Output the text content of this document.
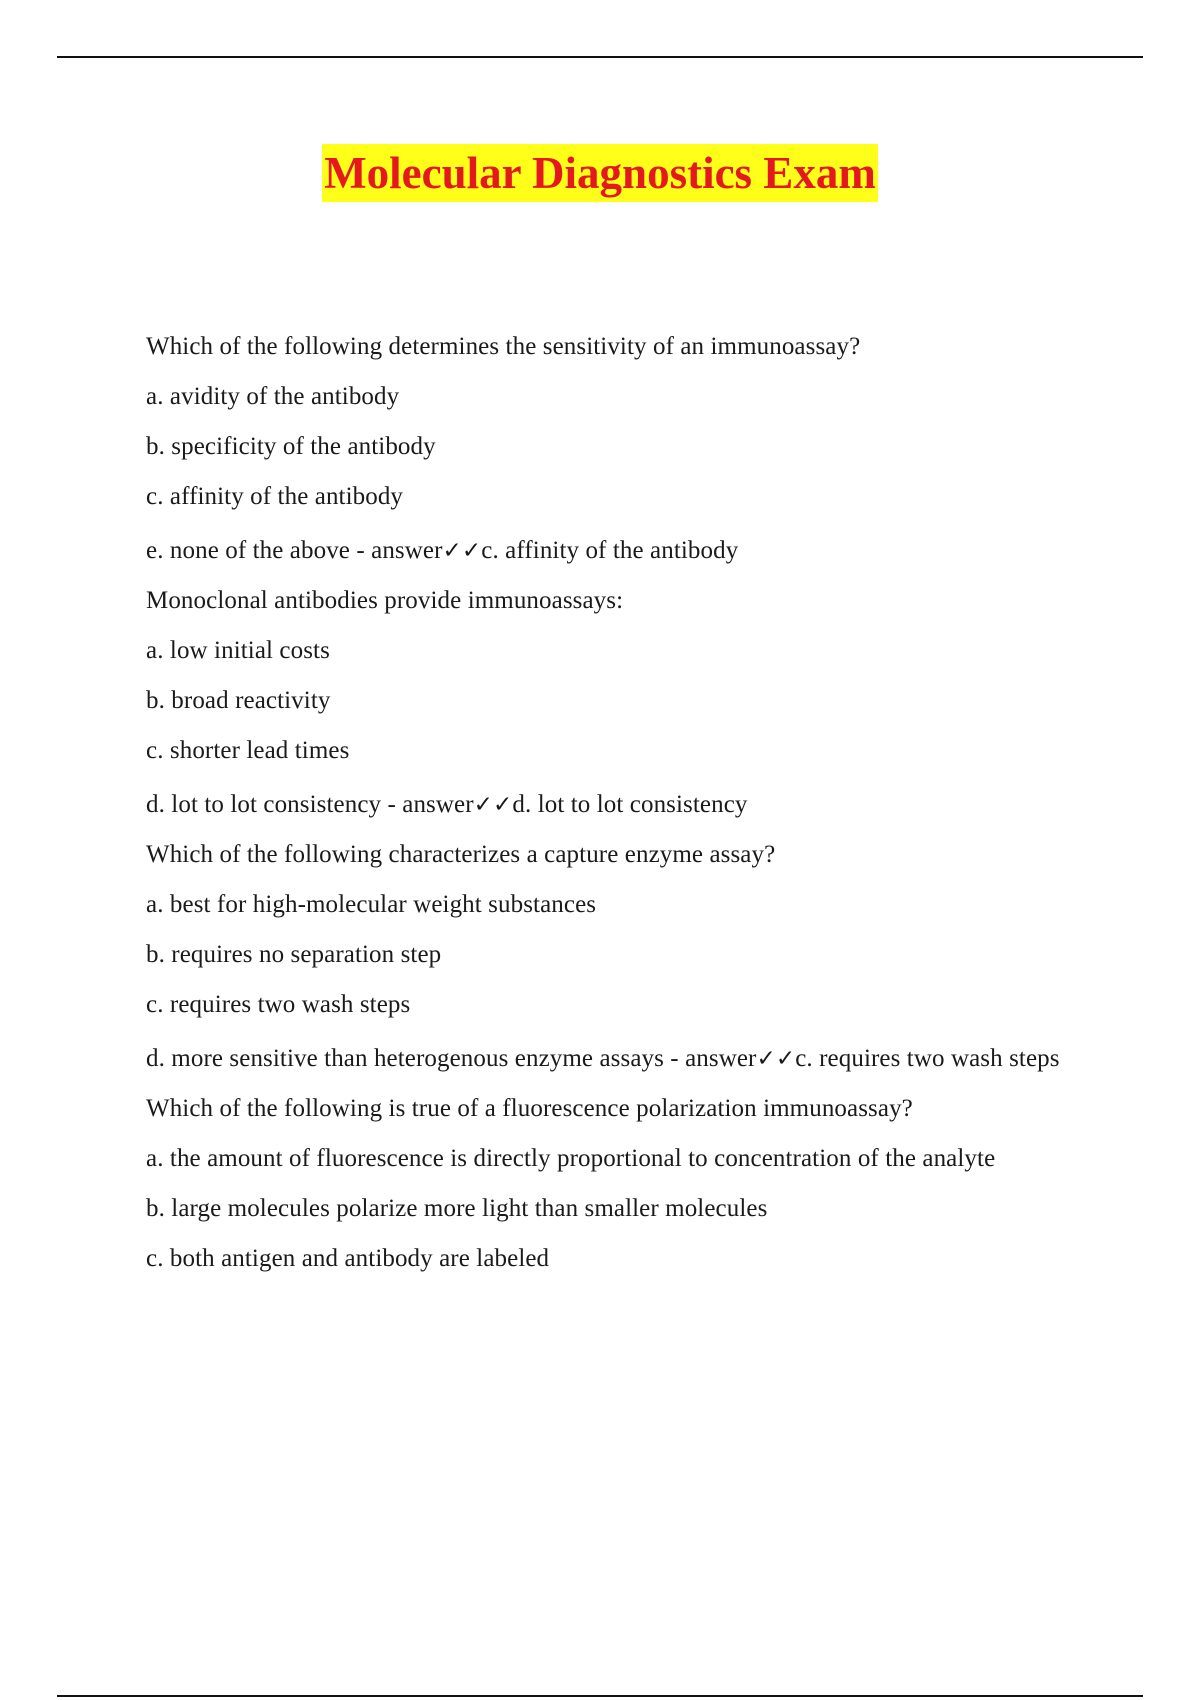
Molecular Diagnostics Exam
Which of the following determines the sensitivity of an immunoassay?
a. avidity of the antibody
b. specificity of the antibody
c. affinity of the antibody
e. none of the above - answer✓✓c. affinity of the antibody
Monoclonal antibodies provide immunoassays:
a. low initial costs
b. broad reactivity
c. shorter lead times
d. lot to lot consistency - answer✓✓d. lot to lot consistency
Which of the following characterizes a capture enzyme assay?
a. best for high-molecular weight substances
b. requires no separation step
c. requires two wash steps
d. more sensitive than heterogenous enzyme assays - answer✓✓c. requires two wash steps
Which of the following is true of a fluorescence polarization immunoassay?
a. the amount of fluorescence is directly proportional to concentration of the analyte
b. large molecules polarize more light than smaller molecules
c. both antigen and antibody are labeled
